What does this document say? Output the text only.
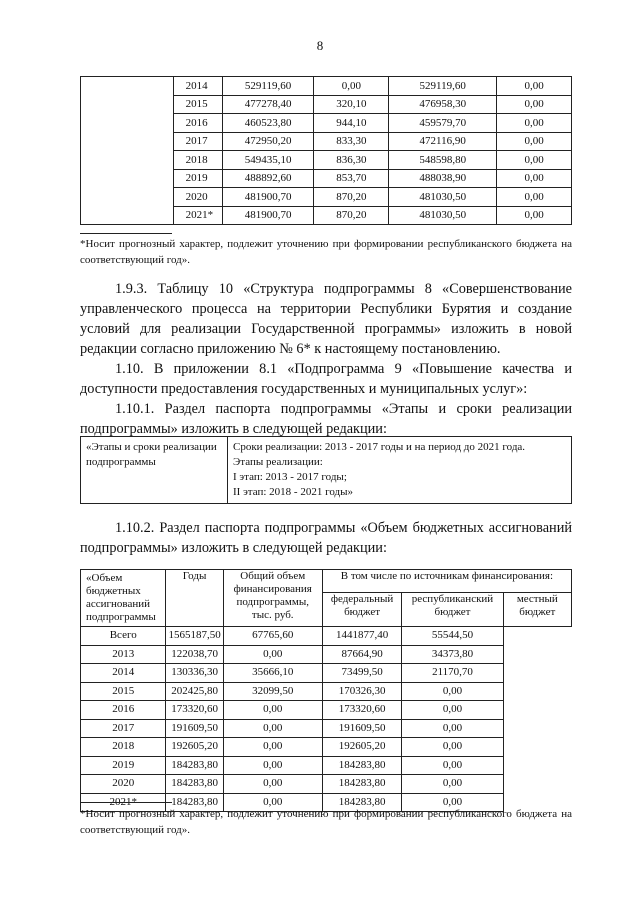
8
	2014	529119,60	0,00	529119,60	0,00
	2015	477278,40	320,10	476958,30	0,00
	2016	460523,80	944,10	459579,70	0,00
	2017	472950,20	833,30	472116,90	0,00
	2018	549435,10	836,30	548598,80	0,00
	2019	488892,60	853,70	488038,90	0,00
	2020	481900,70	870,20	481030,50	0,00
	2021*	481900,70	870,20	481030,50	0,00
*Носит прогнозный характер, подлежит уточнению при формировании республиканского бюджета на соответствующий год».

1.9.3. Таблицу 10 «Структура подпрограммы 8 «Совершенствование управленческого процесса на территории Республики Бурятия и создание условий для реализации Государственной программы» изложить в новой редакции согласно приложению № 6* к настоящему постановлению.

1.10. В приложении 8.1 «Подпрограмма 9 «Повышение качества и доступности предоставления государственных и муниципальных услуг»:

1.10.1. Раздел паспорта подпрограммы «Этапы и сроки реализации подпрограммы» изложить в следующей редакции:

«Этапы и сроки реализации подпрограммы	
Сроки реализации: 2013 - 2017 годы и на период до 2021 года.
Этапы реализации:
I этап: 2013 - 2017 годы;
II этап: 2018 - 2021 годы»

1.10.2. Раздел паспорта подпрограммы «Объем бюджетных ассигнований подпрограммы» изложить в следующей редакции:

«Объем бюджетных ассигнований подпрограммы	Годы	Общий объем финансирования подпрограммы, тыс. руб.	В том числе по источникам финансирования:		
			федеральный бюджет	республиканский бюджет	местный бюджет
Всего	1565187,50	67765,60	1441877,40	55544,50	
2013	122038,70	0,00	87664,90	34373,80	
2014	130336,30	35666,10	73499,50	21170,70	
2015	202425,80	32099,50	170326,30	0,00	
2016	173320,60	0,00	173320,60	0,00	
2017	191609,50	0,00	191609,50	0,00	
2018	192605,20	0,00	192605,20	0,00	
2019	184283,80	0,00	184283,80	0,00	
2020	184283,80	0,00	184283,80	0,00	
2021*	184283,80	0,00	184283,80	0,00	
*Носит прогнозный характер, подлежит уточнению при формировании республиканского бюджета на соответствующий год».
